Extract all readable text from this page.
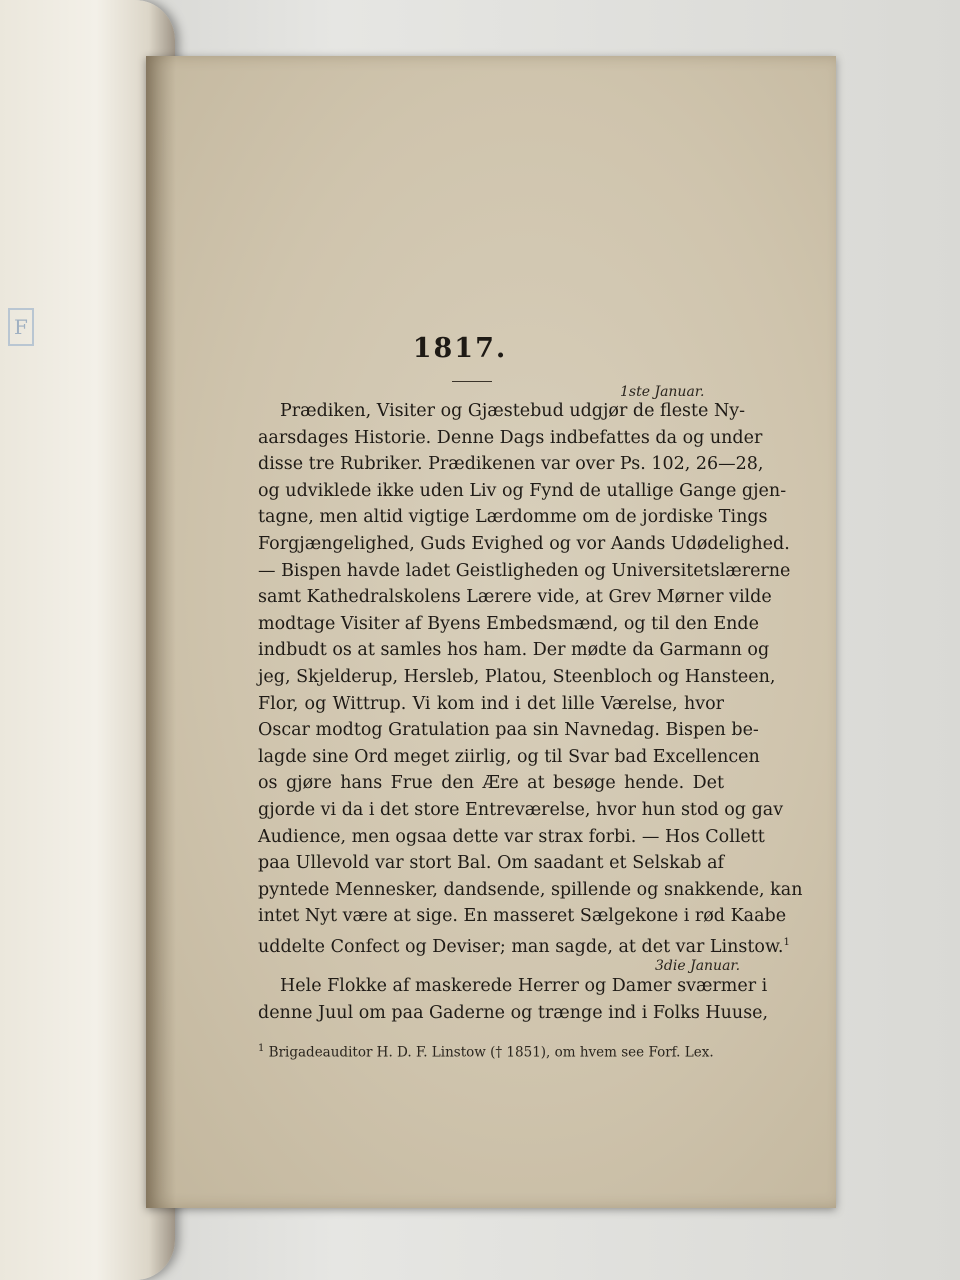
F
1817.
1ste Januar.
Prædiken, Visiter og Gjæstebud udgjør de fleste Ny-
aarsdages Historie. Denne Dags indbefattes da og under
disse tre Rubriker. Prædikenen var over Ps. 102, 26—28,
og udviklede ikke uden Liv og Fynd de utallige Gange gjen-
tagne, men altid vigtige Lærdomme om de jordiske Tings
Forgjængelighed, Guds Evighed og vor Aands Udødelighed.
— Bispen havde ladet Geistligheden og Universitetslærerne
samt Kathedralskolens Lærere vide, at Grev Mørner vilde
modtage Visiter af Byens Embedsmænd, og til den Ende
indbudt os at samles hos ham. Der mødte da Garmann og
jeg, Skjelderup, Hersleb, Platou, Steenbloch og Hansteen,
Flor, og Wittrup. Vi kom ind i det lille Værelse, hvor
Oscar modtog Gratulation paa sin Navnedag. Bispen be-
lagde sine Ord meget ziirlig, og til Svar bad Excellencen
os gjøre hans Frue den Ære at besøge hende. Det
gjorde vi da i det store Entreværelse, hvor hun stod og gav
Audience, men ogsaa dette var strax forbi. — Hos Collett
paa Ullevold var stort Bal. Om saadant et Selskab af
pyntede Mennesker, dandsende, spillende og snakkende, kan
intet Nyt være at sige. En masseret Sælgekone i rød Kaabe
uddelte Confect og Deviser; man sagde, at det var Linstow.$^1$
3die Januar.
Hele Flokke af maskerede Herrer og Damer sværmer i
denne Juul om paa Gaderne og trænge ind i Folks Huuse,
$^1$ Brigadeauditor H. D. F. Linstow († 1851), om hvem see Forf. Lex.
